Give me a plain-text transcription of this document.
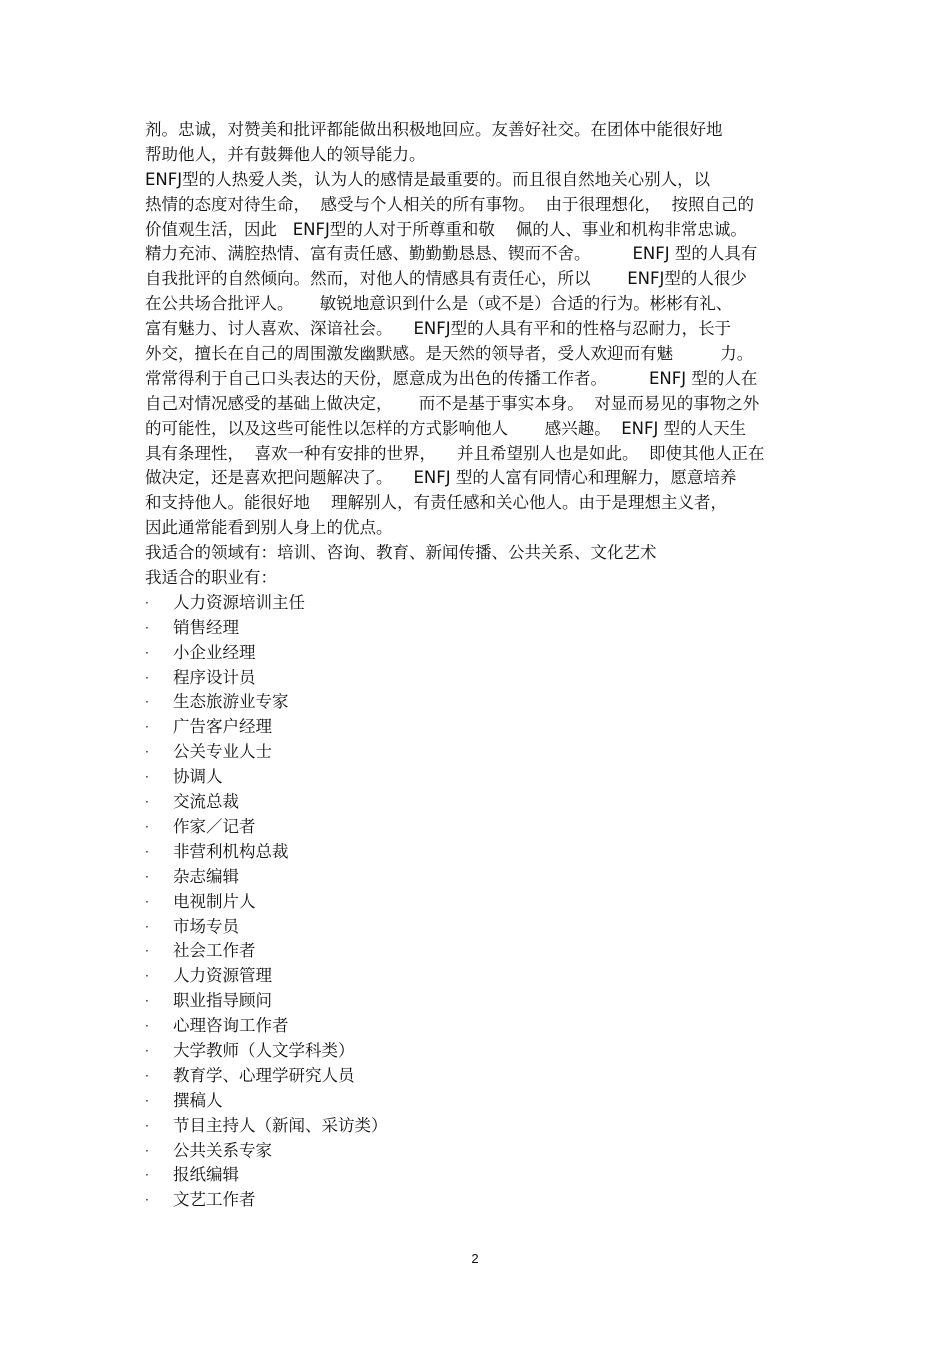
剂。忠诚，对赞美和批评都能做出积极地回应。友善好社交。在团体中能很好地
帮助他人，并有鼓舞他人的领导能力。
ENFJ型的人热爱人类，认为人的感情是最重要的。而且很自然地关心别人，以
热情的态度对待生命，  感受与个人相关的所有事物。  由于很理想化，  按照自己的
价值观生活，因此   ENFJ型的人对于所尊重和敬    佩的人、事业和机构非常忠诚。
精力充沛、满腔热情、富有责任感、勤勤勤恳恳、锲而不舍。        ENFJ 型的人具有
自我批评的自然倾向。然而，对他人的情感具有责任心，所以       ENFJ型的人很少
在公共场合批评人。     敏锐地意识到什么是（或不是）合适的行为。彬彬有礼、
富有魅力、讨人喜欢、深谙社会。    ENFJ型的人具有平和的性格与忍耐力，长于
外交，擅长在自己的周围激发幽默感。是天然的领导者，受人欢迎而有魅         力。
常常得利于自己口头表达的天份，愿意成为出色的传播工作者。        ENFJ 型的人在
自己对情况感受的基础上做决定，     而不是基于事实本身。  对显而易见的事物之外
的可能性，以及这些可能性以怎样的方式影响他人       感兴趣。  ENFJ 型的人天生
具有条理性，  喜欢一种有安排的世界，    并且希望别人也是如此。  即使其他人正在
做决定，还是喜欢把问题解决了。    ENFJ 型的人富有同情心和理解力，愿意培养
和支持他人。能很好地    理解别人，有责任感和关心他人。由于是理想主义者，
因此通常能看到别人身上的优点。
我适合的领域有：培训、咨询、教育、新闻传播、公共关系、文化艺术
我适合的职业有：
·	人力资源培训主任
·	销售经理
·	小企业经理
·	程序设计员
·	生态旅游业专家
·	广告客户经理
·	公关专业人士
·	协调人
·	交流总裁
·	作家／记者
·	非营利机构总裁
·	杂志编辑
·	电视制片人
·	市场专员
·	社会工作者
·	人力资源管理
·	职业指导顾问
·	心理咨询工作者
·	大学教师（人文学科类）
·	教育学、心理学研究人员
·	撰稿人
·	节目主持人（新闻、采访类）
·	公共关系专家
·	报纸编辑
·	文艺工作者
2
